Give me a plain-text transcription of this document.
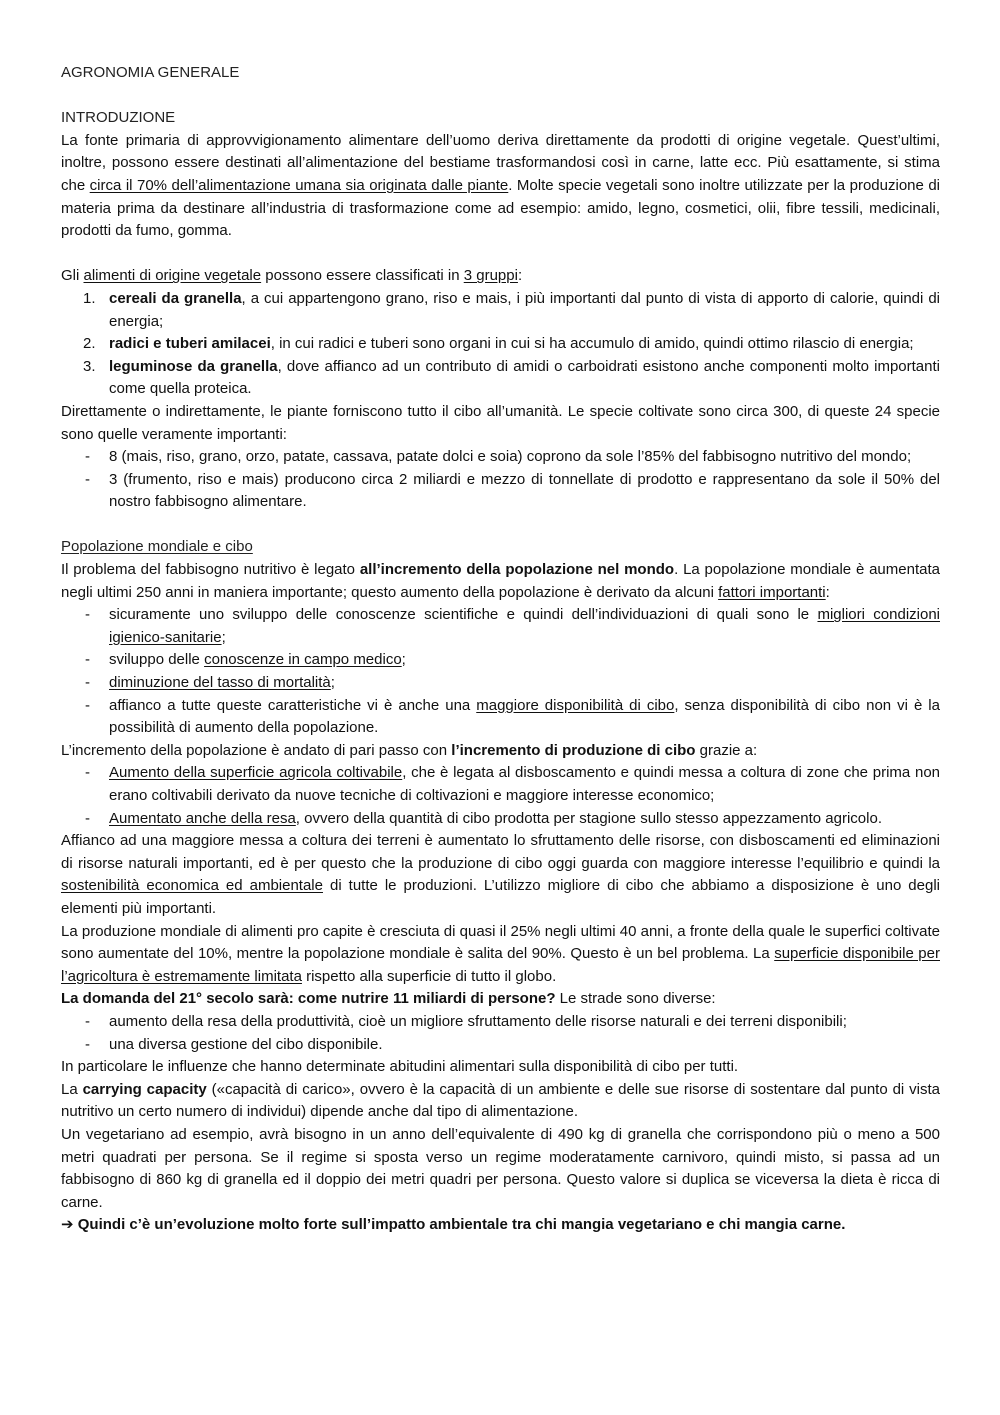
AGRONOMIA GENERALE
INTRODUZIONE

La fonte primaria di approvvigionamento alimentare dell’uomo deriva direttamente da prodotti di origine vegetale. Quest’ultimi, inoltre, possono essere destinati all’alimentazione del bestiame trasformandosi così in carne, latte ecc. Più esattamente, si stima che circa il 70% dell’alimentazione umana sia originata dalle piante. Molte specie vegetali sono inoltre utilizzate per la produzione di materia prima da destinare all’industria di trasformazione come ad esempio: amido, legno, cosmetici, olii, fibre tessili, medicinali, prodotti da fumo, gomma.

Gli alimenti di origine vegetale possono essere classificati in 3 gruppi:

1. cereali da granella, a cui appartengono grano, riso e mais, i più importanti dal punto di vista di apporto di calorie, quindi di energia;
2. radici e tuberi amilacei, in cui radici e tuberi sono organi in cui si ha accumulo di amido, quindi ottimo rilascio di energia;
3. leguminose da granella, dove affianco ad un contributo di amidi o carboidrati esistono anche componenti molto importanti come quella proteica.

Direttamente o indirettamente, le piante forniscono tutto il cibo all’umanità. Le specie coltivate sono circa 300, di queste 24 specie sono quelle veramente importanti:

- 8 (mais, riso, grano, orzo, patate, cassava, patate dolci e soia) coprono da sole l’85% del fabbisogno nutritivo del mondo;
- 3 (frumento, riso e mais) producono circa 2 miliardi e mezzo di tonnellate di prodotto e rappresentano da sole il 50% del nostro fabbisogno alimentare.
Popolazione mondiale e cibo

Il problema del fabbisogno nutritivo è legato all’incremento della popolazione nel mondo. La popolazione mondiale è aumentata negli ultimi 250 anni in maniera importante; questo aumento della popolazione è derivato da alcuni fattori importanti:

- sicuramente uno sviluppo delle conoscenze scientifiche e quindi dell’individuazioni di quali sono le migliori condizioni igienico-sanitarie;
- sviluppo delle conoscenze in campo medico;
- diminuzione del tasso di mortalità;
- affianco a tutte queste caratteristiche vi è anche una maggiore disponibilità di cibo, senza disponibilità di cibo non vi è la possibilità di aumento della popolazione.

L’incremento della popolazione è andato di pari passo con l’incremento di produzione di cibo grazie a:

- Aumento della superficie agricola coltivabile, che è legata al disboscamento e quindi messa a coltura di zone che prima non erano coltivabili derivato da nuove tecniche di coltivazioni e maggiore interesse economico;
- Aumentato anche della resa, ovvero della quantità di cibo prodotta per stagione sullo stesso appezzamento agricolo.

Affianco ad una maggiore messa a coltura dei terreni è aumentato lo sfruttamento delle risorse, con disboscamenti ed eliminazioni di risorse naturali importanti, ed è per questo che la produzione di cibo oggi guarda con maggiore interesse l’equilibrio e quindi la sostenibilità economica ed ambientale di tutte le produzioni. L’utilizzo migliore di cibo che abbiamo a disposizione è uno degli elementi più importanti.

La produzione mondiale di alimenti pro capite è cresciuta di quasi il 25% negli ultimi 40 anni, a fronte della quale le superfici coltivate sono aumentate del 10%, mentre la popolazione mondiale è salita del 90%. Questo è un bel problema. La superficie disponibile per l’agricoltura è estremamente limitata rispetto alla superficie di tutto il globo.

La domanda del 21° secolo sarà: come nutrire 11 miliardi di persone? Le strade sono diverse:

- aumento della resa della produttività, cioè un migliore sfruttamento delle risorse naturali e dei terreni disponibili;
- una diversa gestione del cibo disponibile.

In particolare le influenze che hanno determinate abitudini alimentari sulla disponibilità di cibo per tutti.

La carrying capacity («capacità di carico», ovvero è la capacità di un ambiente e delle sue risorse di sostentare dal punto di vista nutritivo un certo numero di individui) dipende anche dal tipo di alimentazione.

Un vegetariano ad esempio, avrà bisogno in un anno dell’equivalente di 490 kg di granella che corrispondono più o meno a 500 metri quadrati per persona. Se il regime si sposta verso un regime moderatamente carnivoro, quindi misto, si passa ad un fabbisogno di 860 kg di granella ed il doppio dei metri quadri per persona. Questo valore si duplica se viceversa la dieta è ricca di carne.

➔ Quindi c’è un’evoluzione molto forte sull’impatto ambientale tra chi mangia vegetariano e chi mangia carne.
